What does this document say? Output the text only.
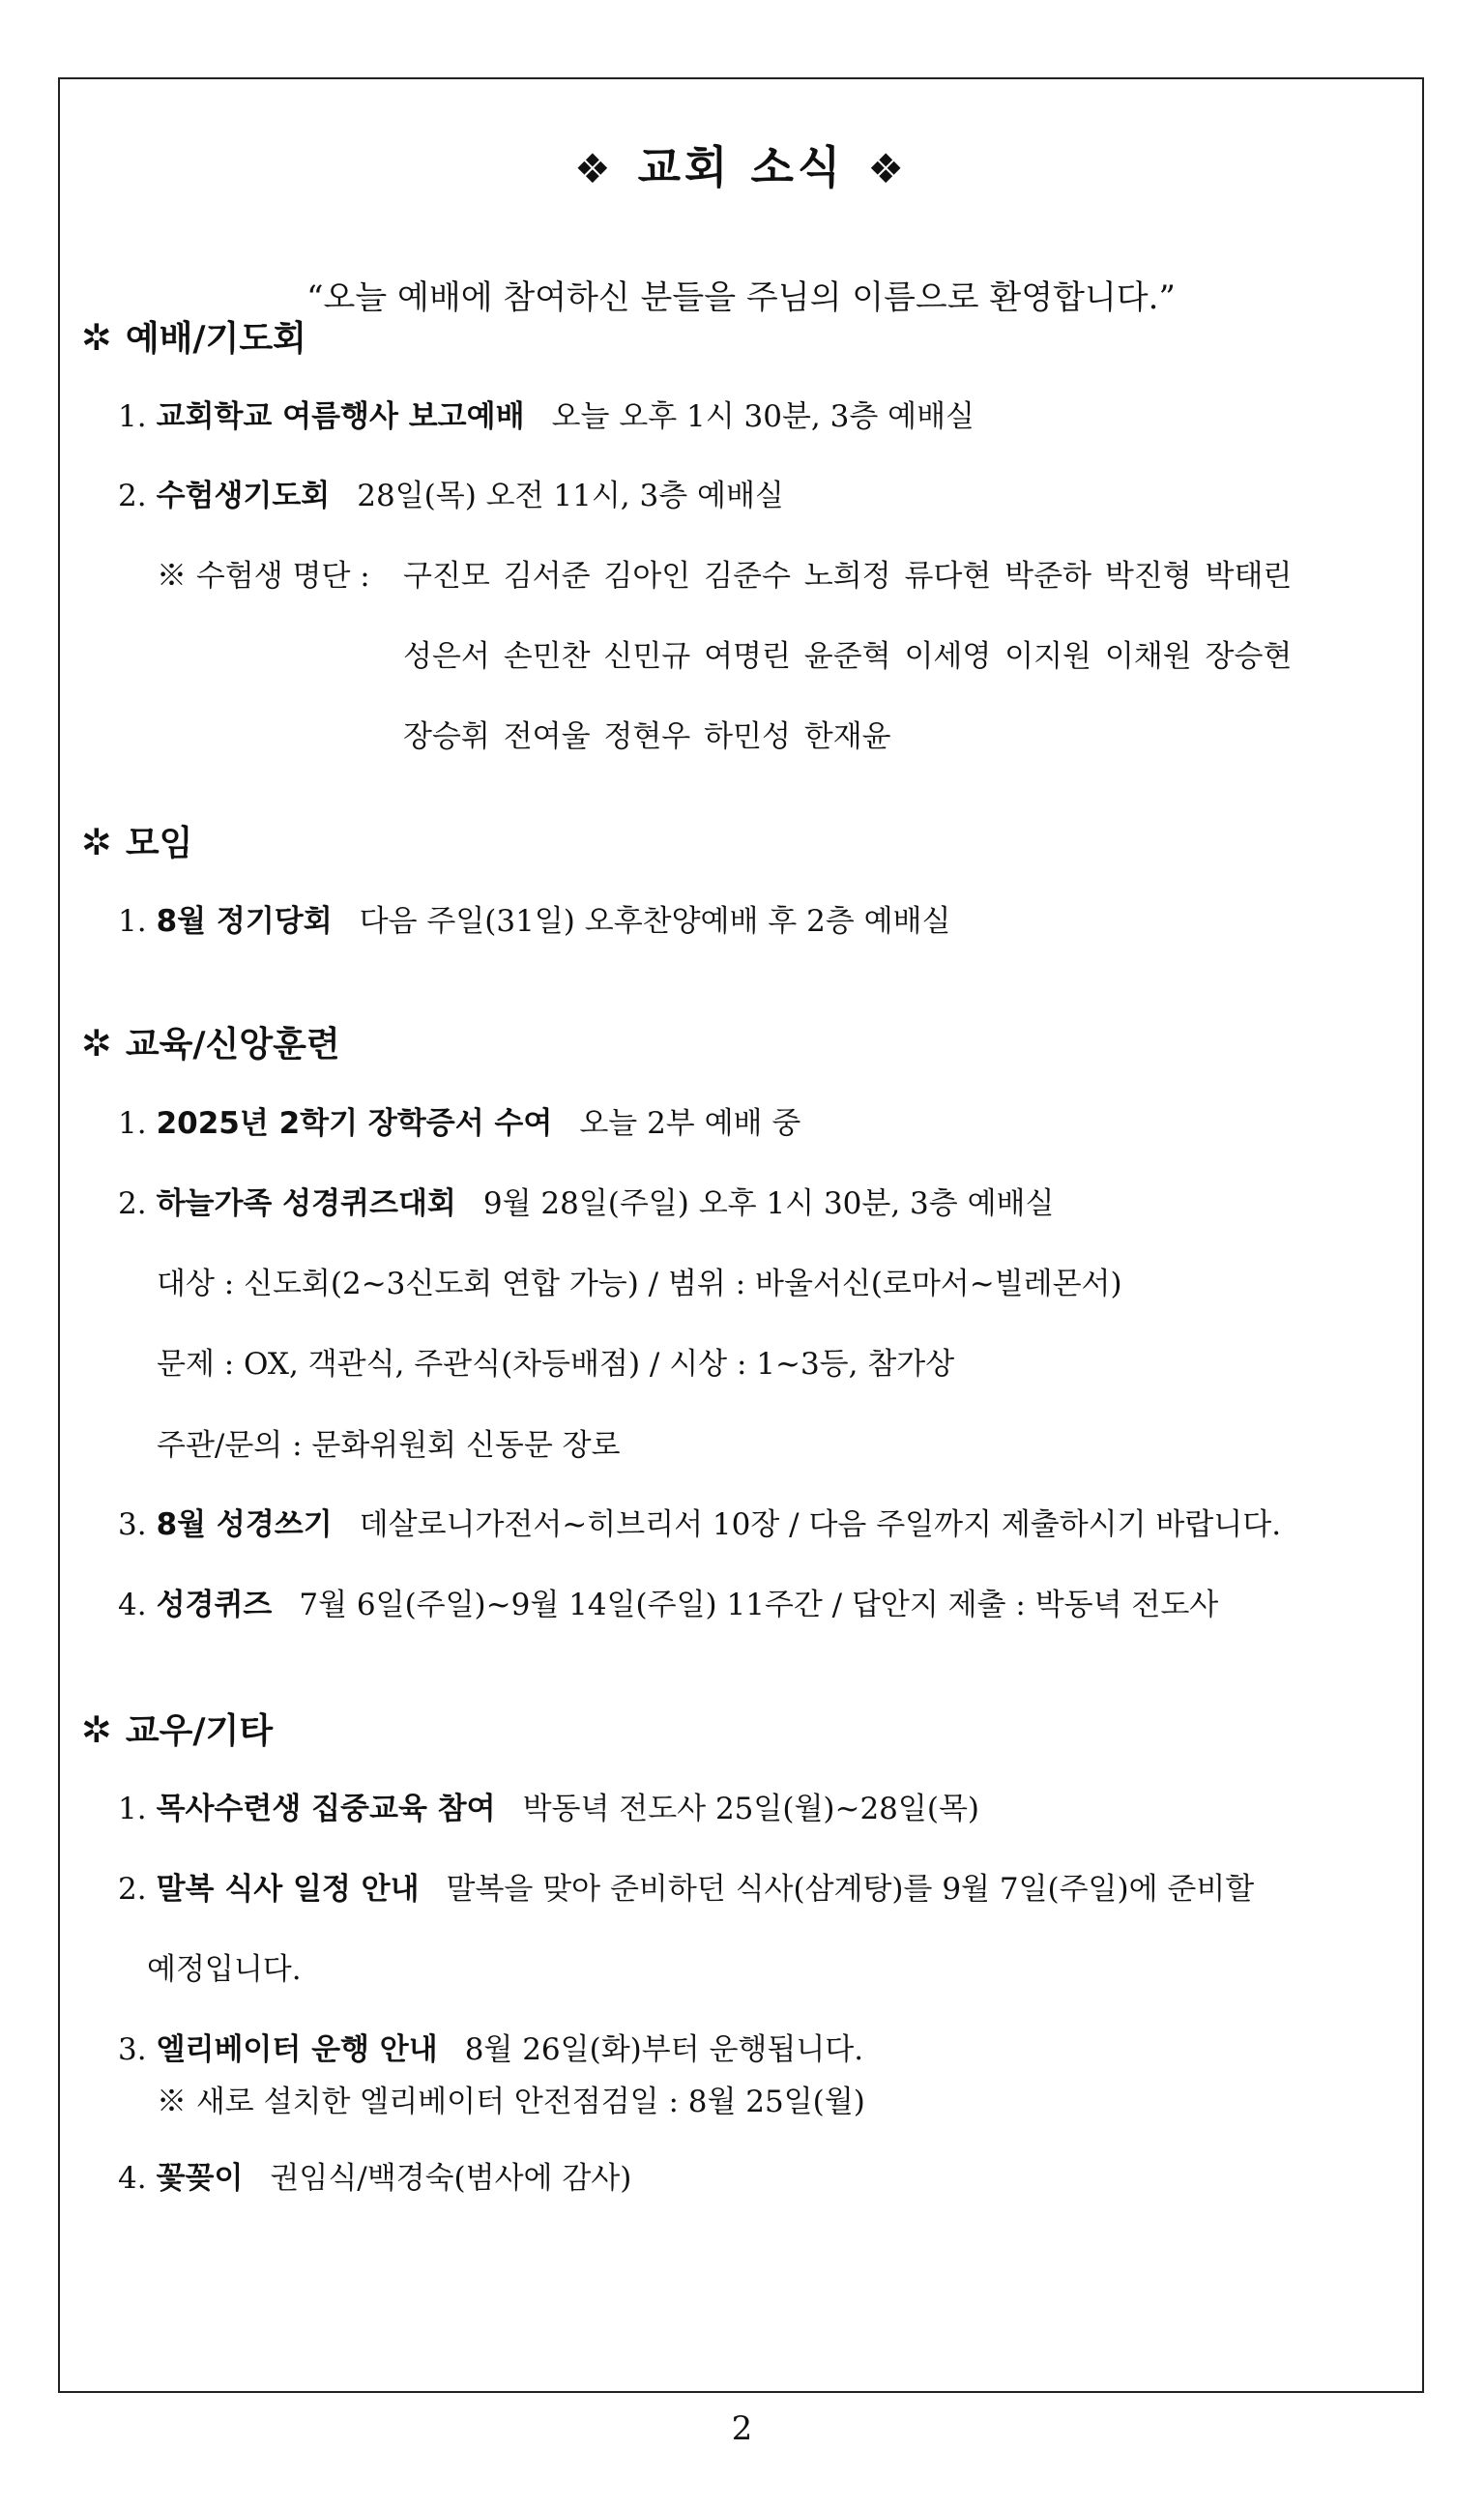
❖ 교회 소식 ❖
“오늘 예배에 참여하신 분들을 주님의 이름으로 환영합니다.”
✲ 예배/기도회
1. 교회학교 여름행사 보고예배 오늘 오후 1시 30분, 3층 예배실
2. 수험생기도회 28일(목) 오전 11시, 3층 예배실
※ 수험생 명단 :	구진모 김서준 김아인 김준수 노희정 류다현 박준하 박진형 박태린
성은서 손민찬 신민규 여명린 윤준혁 이세영 이지원 이채원 장승현
장승휘 전여울 정현우 하민성 한재윤
✲ 모임
1. 8월 정기당회 다음 주일(31일) 오후찬양예배 후 2층 예배실
✲ 교육/신앙훈련
1. 2025년 2학기 장학증서 수여 오늘 2부 예배 중
2. 하늘가족 성경퀴즈대회 9월 28일(주일) 오후 1시 30분, 3층 예배실
대상 : 신도회(2~3신도회 연합 가능) / 범위 : 바울서신(로마서~빌레몬서)
문제 : OX, 객관식, 주관식(차등배점) / 시상 : 1~3등, 참가상
주관/문의 : 문화위원회 신동문 장로
3. 8월 성경쓰기 데살로니가전서~히브리서 10장 / 다음 주일까지 제출하시기 바랍니다.
4. 성경퀴즈 7월 6일(주일)~9월 14일(주일) 11주간 / 답안지 제출 : 박동녁 전도사
✲ 교우/기타
1. 목사수련생 집중교육 참여 박동녁 전도사 25일(월)~28일(목)
2. 말복 식사 일정 안내 말복을 맞아 준비하던 식사(삼계탕)를 9월 7일(주일)에 준비할
예정입니다.
3. 엘리베이터 운행 안내 8월 26일(화)부터 운행됩니다.
※ 새로 설치한 엘리베이터 안전점검일 : 8월 25일(월)
4. 꽃꽂이 권임식/백경숙(범사에 감사)
2
